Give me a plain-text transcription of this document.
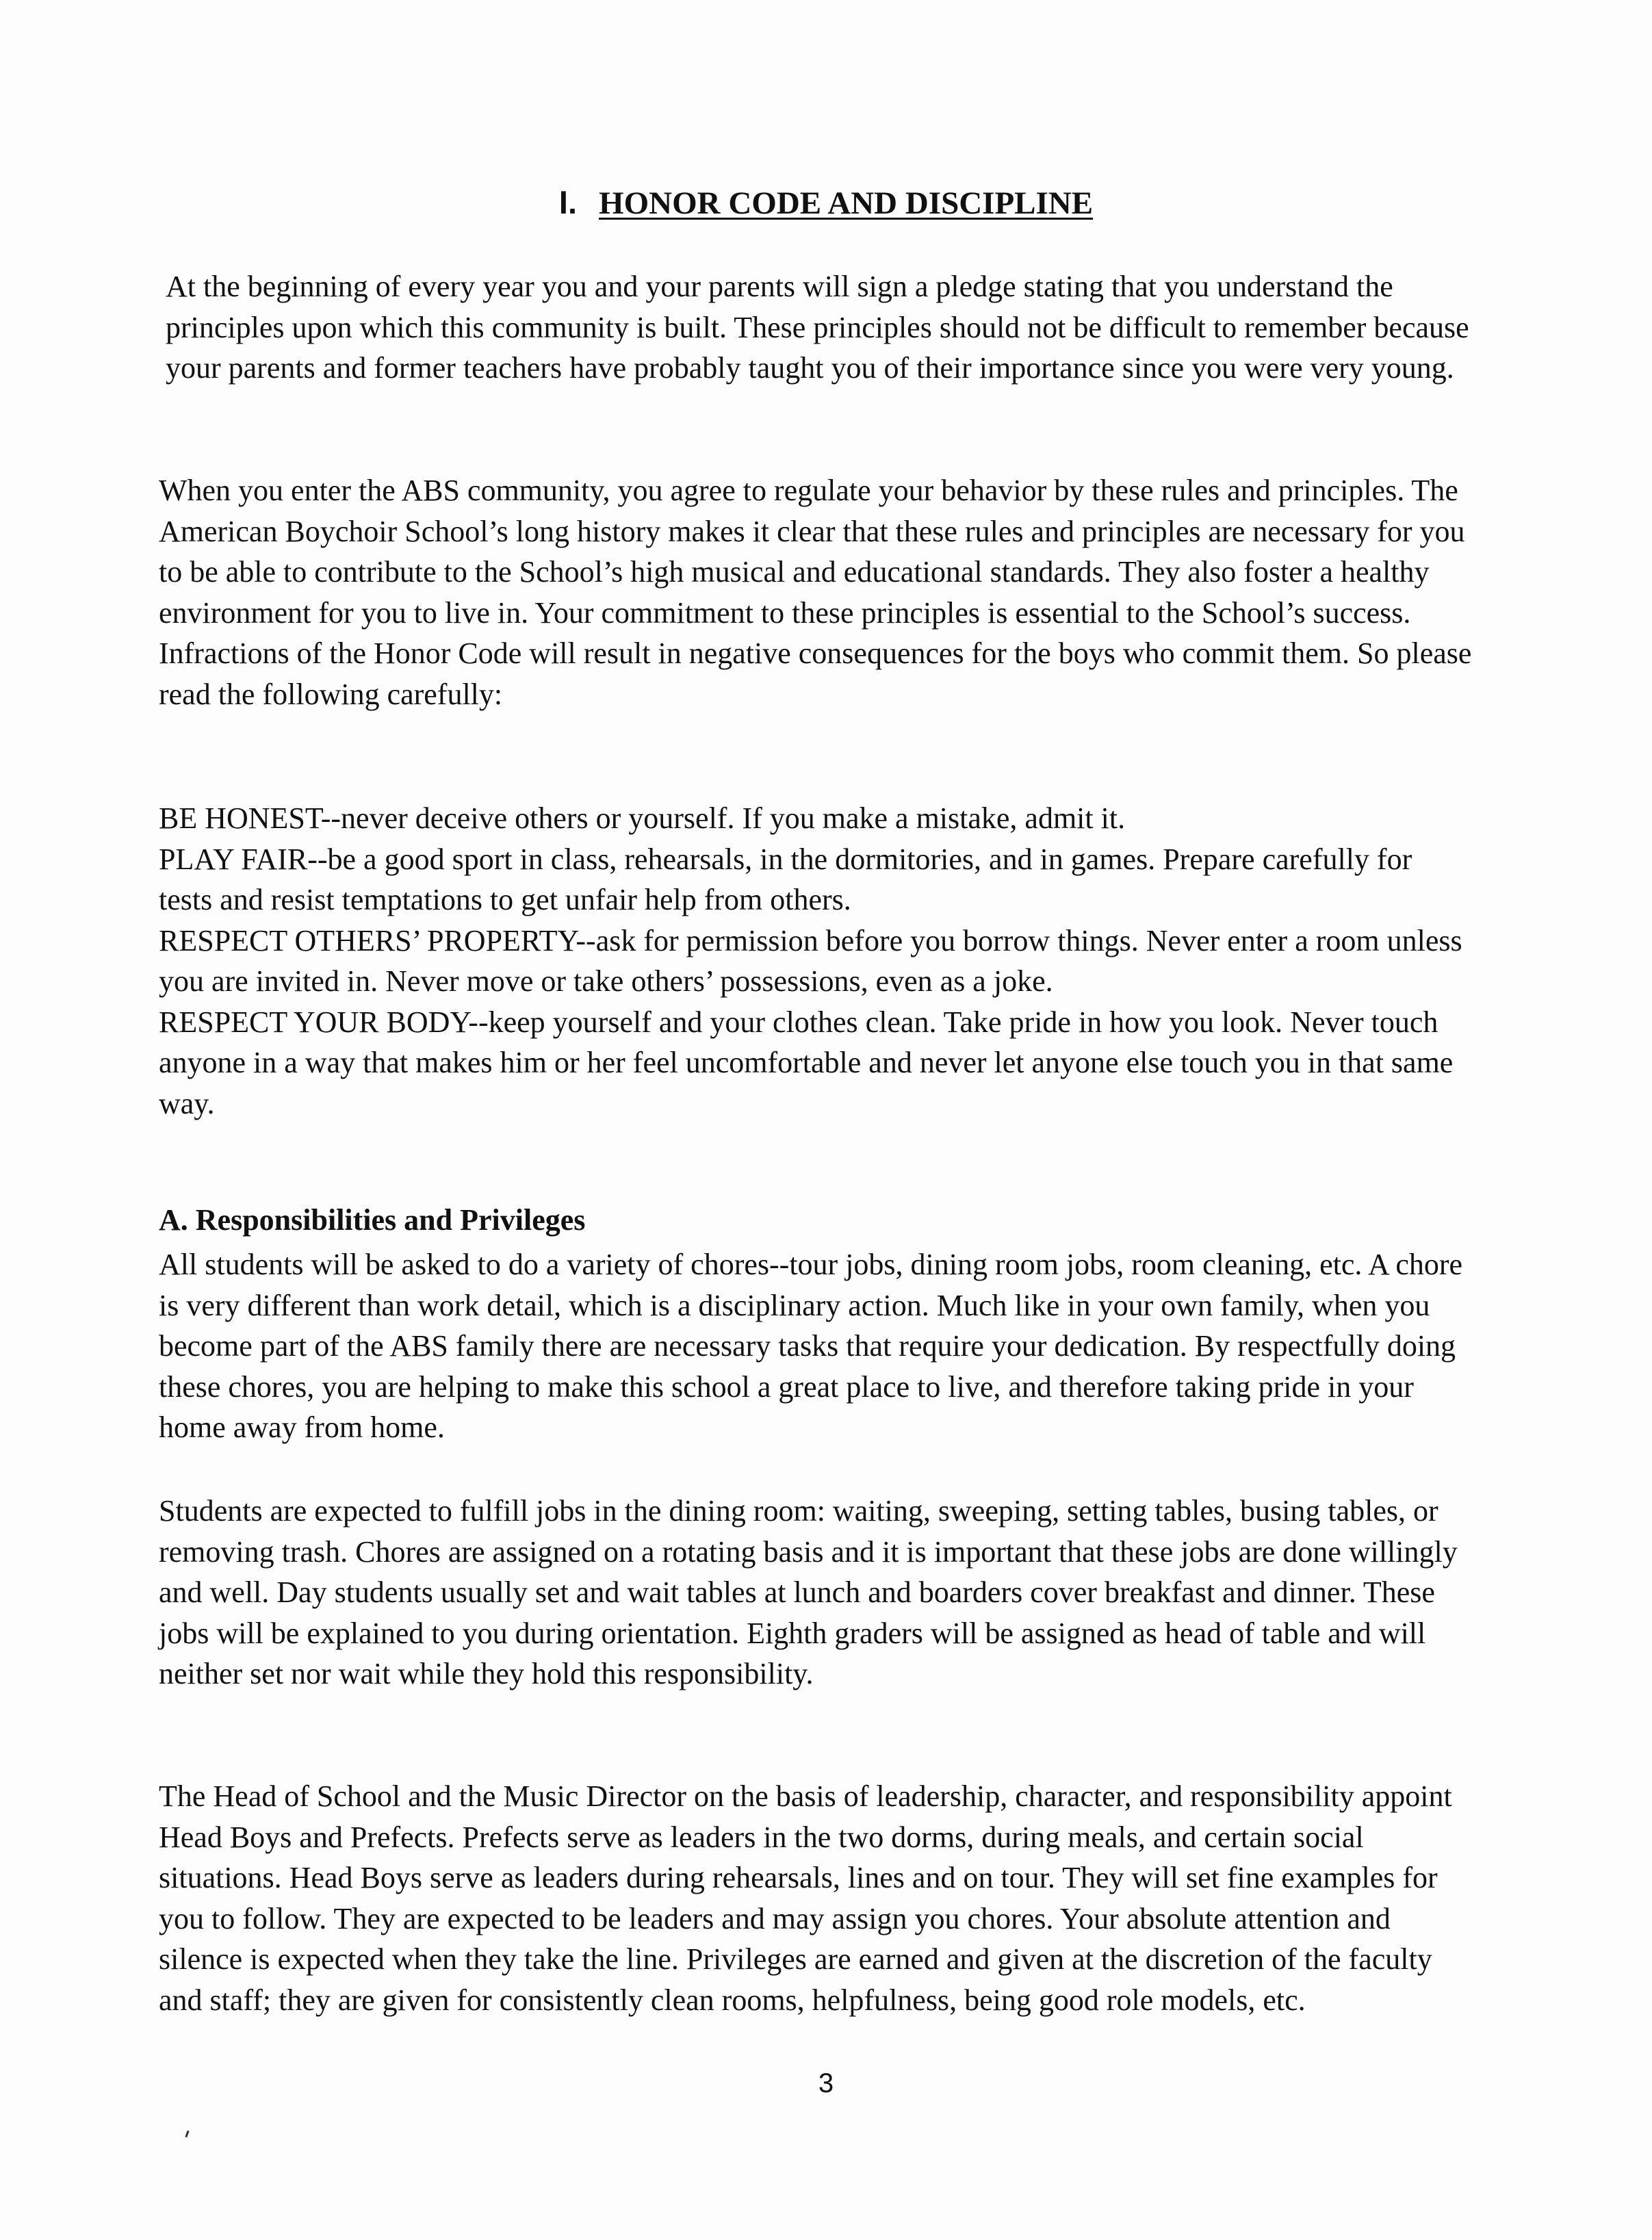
I. HONOR CODE AND DISCIPLINE

At the beginning of every year you and your parents will sign a pledge stating that you understand the principles upon which this community is built. These principles should not be difficult to remember because your parents and former teachers have probably taught you of their importance since you were very young.

When you enter the ABS community, you agree to regulate your behavior by these rules and principles. The American Boychoir School’s long history makes it clear that these rules and principles are necessary for you to be able to contribute to the School’s high musical and educational standards. They also foster a healthy environment for you to live in. Your commitment to these principles is essential to the School’s success. Infractions of the Honor Code will result in negative consequences for the boys who commit them. So please read the following carefully:

BE HONEST--never deceive others or yourself. If you make a mistake, admit it.

PLAY FAIR--be a good sport in class, rehearsals, in the dormitories, and in games. Prepare carefully for tests and resist temptations to get unfair help from others.

RESPECT OTHERS’ PROPERTY--ask for permission before you borrow things. Never enter a room unless you are invited in. Never move or take others’ possessions, even as a joke.

RESPECT YOUR BODY--keep yourself and your clothes clean. Take pride in how you look. Never touch anyone in a way that makes him or her feel uncomfortable and never let anyone else touch you in that same way.

A. Responsibilities and Privileges

All students will be asked to do a variety of chores--tour jobs, dining room jobs, room cleaning, etc. A chore is very different than work detail, which is a disciplinary action. Much like in your own family, when you become part of the ABS family there are necessary tasks that require your dedication. By respectfully doing these chores, you are helping to make this school a great place to live, and therefore taking pride in your home away from home.

Students are expected to fulfill jobs in the dining room: waiting, sweeping, setting tables, busing tables, or removing trash. Chores are assigned on a rotating basis and it is important that these jobs are done willingly and well. Day students usually set and wait tables at lunch and boarders cover breakfast and dinner. These jobs will be explained to you during orientation. Eighth graders will be assigned as head of table and will neither set nor wait while they hold this responsibility.

The Head of School and the Music Director on the basis of leadership, character, and responsibility appoint Head Boys and Prefects. Prefects serve as leaders in the two dorms, during meals, and certain social situations. Head Boys serve as leaders during rehearsals, lines and on tour. They will set fine examples for you to follow. They are expected to be leaders and may assign you chores. Your absolute attention and silence is expected when they take the line. Privileges are earned and given at the discretion of the faculty and staff; they are given for consistently clean rooms, helpfulness, being good role models, etc.

3
